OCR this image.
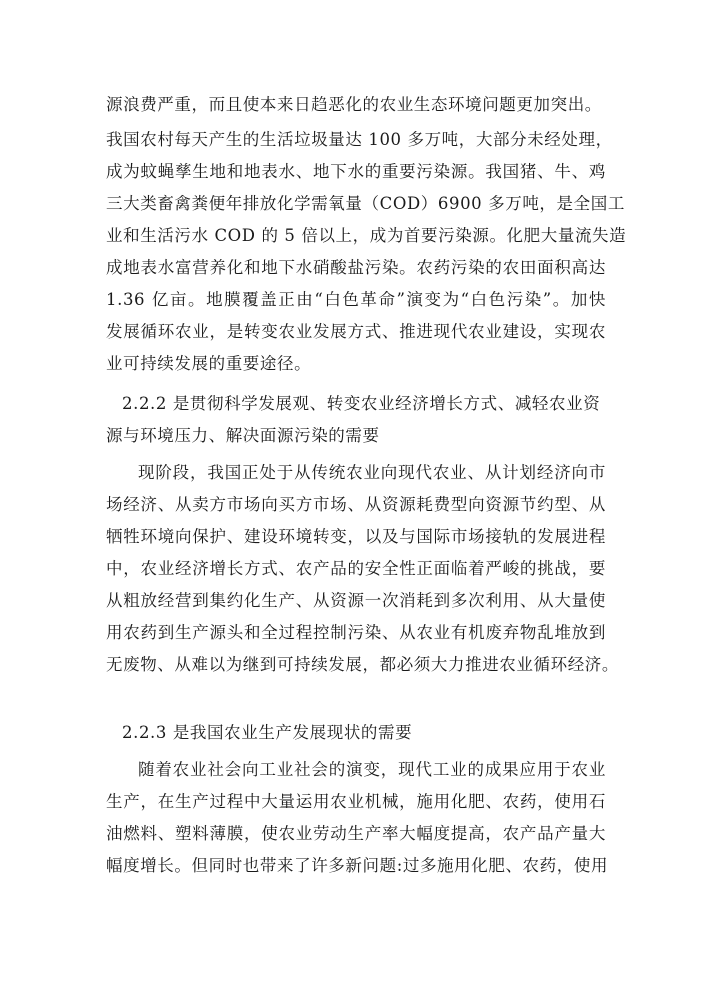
源浪费严重，而且使本来日趋恶化的农业生态环境问题更加突出。
我国农村每天产生的生活垃圾量达 100 多万吨，大部分未经处理，
成为蚊蝇孳生地和地表水、地下水的重要污染源。我国猪、牛、鸡
三大类畜禽粪便年排放化学需氧量（COD）6900 多万吨，是全国工
业和生活污水 COD 的 5 倍以上，成为首要污染源。化肥大量流失造
成地表水富营养化和地下水硝酸盐污染。农药污染的农田面积高达
1.36 亿亩。地膜覆盖正由“白色革命”演变为“白色污染”。加快
发展循环农业，是转变农业发展方式、推进现代农业建设，实现农
业可持续发展的重要途径。
2.2.2 是贯彻科学发展观、转变农业经济增长方式、减轻农业资
源与环境压力、解决面源污染的需要
现阶段，我国正处于从传统农业向现代农业、从计划经济向市
场经济、从卖方市场向买方市场、从资源耗费型向资源节约型、从
牺牲环境向保护、建设环境转变，以及与国际市场接轨的发展进程
中，农业经济增长方式、农产品的安全性正面临着严峻的挑战，要
从粗放经营到集约化生产、从资源一次消耗到多次利用、从大量使
用农药到生产源头和全过程控制污染、从农业有机废弃物乱堆放到
无废物、从难以为继到可持续发展，都必须大力推进农业循环经济。
2.2.3 是我国农业生产发展现状的需要
随着农业社会向工业社会的演变，现代工业的成果应用于农业
生产，在生产过程中大量运用农业机械，施用化肥、农药，使用石
油燃料、塑料薄膜，使农业劳动生产率大幅度提高，农产品产量大
幅度增长。但同时也带来了许多新问题:过多施用化肥、农药，使用
